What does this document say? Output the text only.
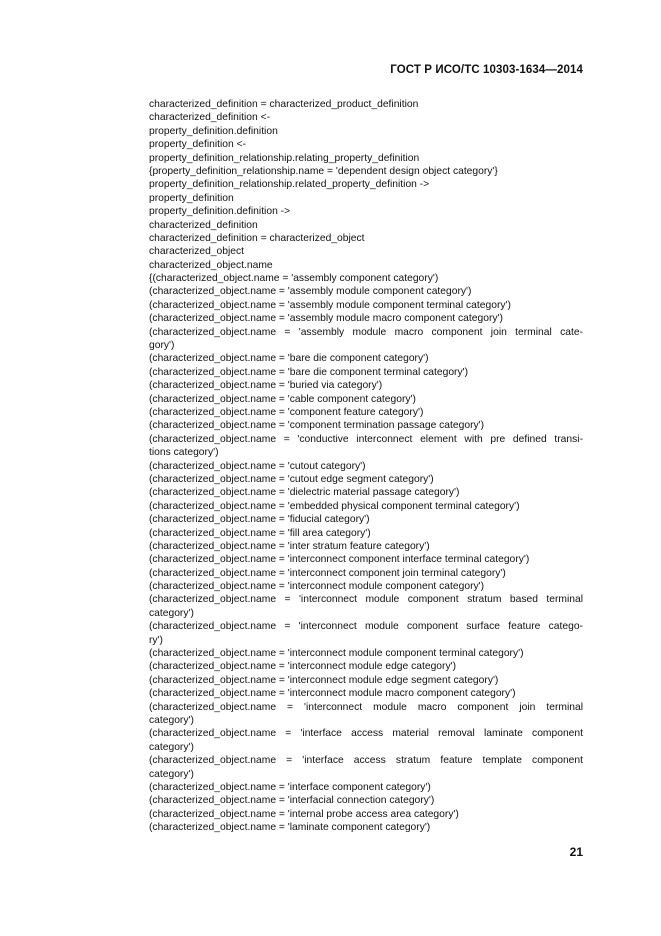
ГОСТ Р ИСО/ТС 10303-1634—2014
characterized_definition = characterized_product_definition
characterized_definition <-
property_definition.definition
property_definition <-
property_definition_relationship.relating_property_definition
{property_definition_relationship.name = 'dependent design object category'}
property_definition_relationship.related_property_definition ->
property_definition
property_definition.definition ->
characterized_definition
characterized_definition = characterized_object
characterized_object
characterized_object.name
{(characterized_object.name = 'assembly component category')
(characterized_object.name = 'assembly module component category')
(characterized_object.name = 'assembly module component terminal category')
(characterized_object.name = 'assembly module macro component category')
(characterized_object.name = 'assembly module macro component join terminal cate-
gory')
(characterized_object.name = 'bare die component category')
(characterized_object.name = 'bare die component terminal category')
(characterized_object.name = 'buried via category')
(characterized_object.name = 'cable component category')
(characterized_object.name = 'component feature category')
(characterized_object.name = 'component termination passage category')
(characterized_object.name = 'conductive interconnect element with pre defined transi-
tions category')
(characterized_object.name = 'cutout category')
(characterized_object.name = 'cutout edge segment category')
(characterized_object.name = 'dielectric material passage category')
(characterized_object.name = 'embedded physical component terminal category')
(characterized_object.name = 'fiducial category')
(characterized_object.name = 'fill area category')
(characterized_object.name = 'inter stratum feature category')
(characterized_object.name = 'interconnect component interface terminal category')
(characterized_object.name = 'interconnect component join terminal category')
(characterized_object.name = 'interconnect module component category')
(characterized_object.name = 'interconnect module component stratum based terminal
category')
(characterized_object.name = 'interconnect module component surface feature catego-
ry')
(characterized_object.name = 'interconnect module component terminal category')
(characterized_object.name = 'interconnect module edge category')
(characterized_object.name = 'interconnect module edge segment category')
(characterized_object.name = 'interconnect module macro component category')
(characterized_object.name = 'interconnect module macro component join terminal
category')
(characterized_object.name = 'interface access material removal laminate component
category')
(characterized_object.name = 'interface access stratum feature template component
category')
(characterized_object.name = 'interface component category')
(characterized_object.name = 'interfacial connection category')
(characterized_object.name = 'internal probe access area category')
(characterized_object.name = 'laminate component category')
21
